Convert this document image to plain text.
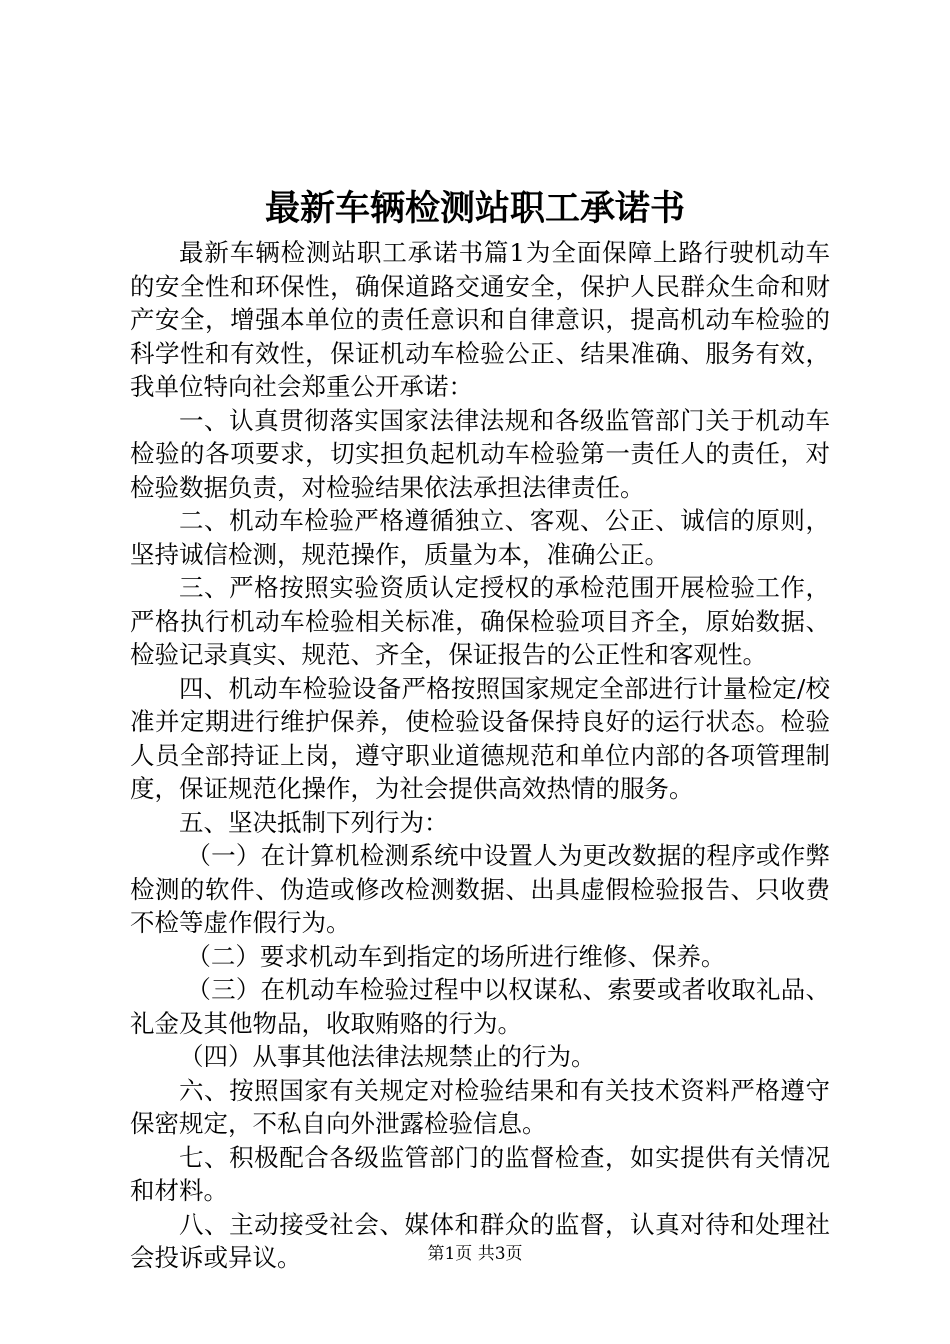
最新车辆检测站职工承诺书

最新车辆检测站职工承诺书篇1为全面保障上路行驶机动车的安全性和环保性，确保道路交通安全，保护人民群众生命和财产安全，增强本单位的责任意识和自律意识，提高机动车检验的科学性和有效性，保证机动车检验公正、结果准确、服务有效，我单位特向社会郑重公开承诺：

一、认真贯彻落实国家法律法规和各级监管部门关于机动车检验的各项要求，切实担负起机动车检验第一责任人的责任，对检验数据负责，对检验结果依法承担法律责任。

二、机动车检验严格遵循独立、客观、公正、诚信的原则，坚持诚信检测，规范操作，质量为本，准确公正。

三、严格按照实验资质认定授权的承检范围开展检验工作，严格执行机动车检验相关标准，确保检验项目齐全，原始数据、检验记录真实、规范、齐全，保证报告的公正性和客观性。

四、机动车检验设备严格按照国家规定全部进行计量检定/校准并定期进行维护保养，使检验设备保持良好的运行状态。检验人员全部持证上岗，遵守职业道德规范和单位内部的各项管理制度，保证规范化操作，为社会提供高效热情的服务。

五、坚决抵制下列行为：

（一）在计算机检测系统中设置人为更改数据的程序或作弊检测的软件、伪造或修改检测数据、出具虚假检验报告、只收费不检等虚作假行为。

（二）要求机动车到指定的场所进行维修、保养。

（三）在机动车检验过程中以权谋私、索要或者收取礼品、礼金及其他物品，收取贿赂的行为。

（四）从事其他法律法规禁止的行为。

六、按照国家有关规定对检验结果和有关技术资料严格遵守保密规定，不私自向外泄露检验信息。

七、积极配合各级监管部门的监督检查，如实提供有关情况和材料。

八、主动接受社会、媒体和群众的监督，认真对待和处理社会投诉或异议。	第1页 共3页
